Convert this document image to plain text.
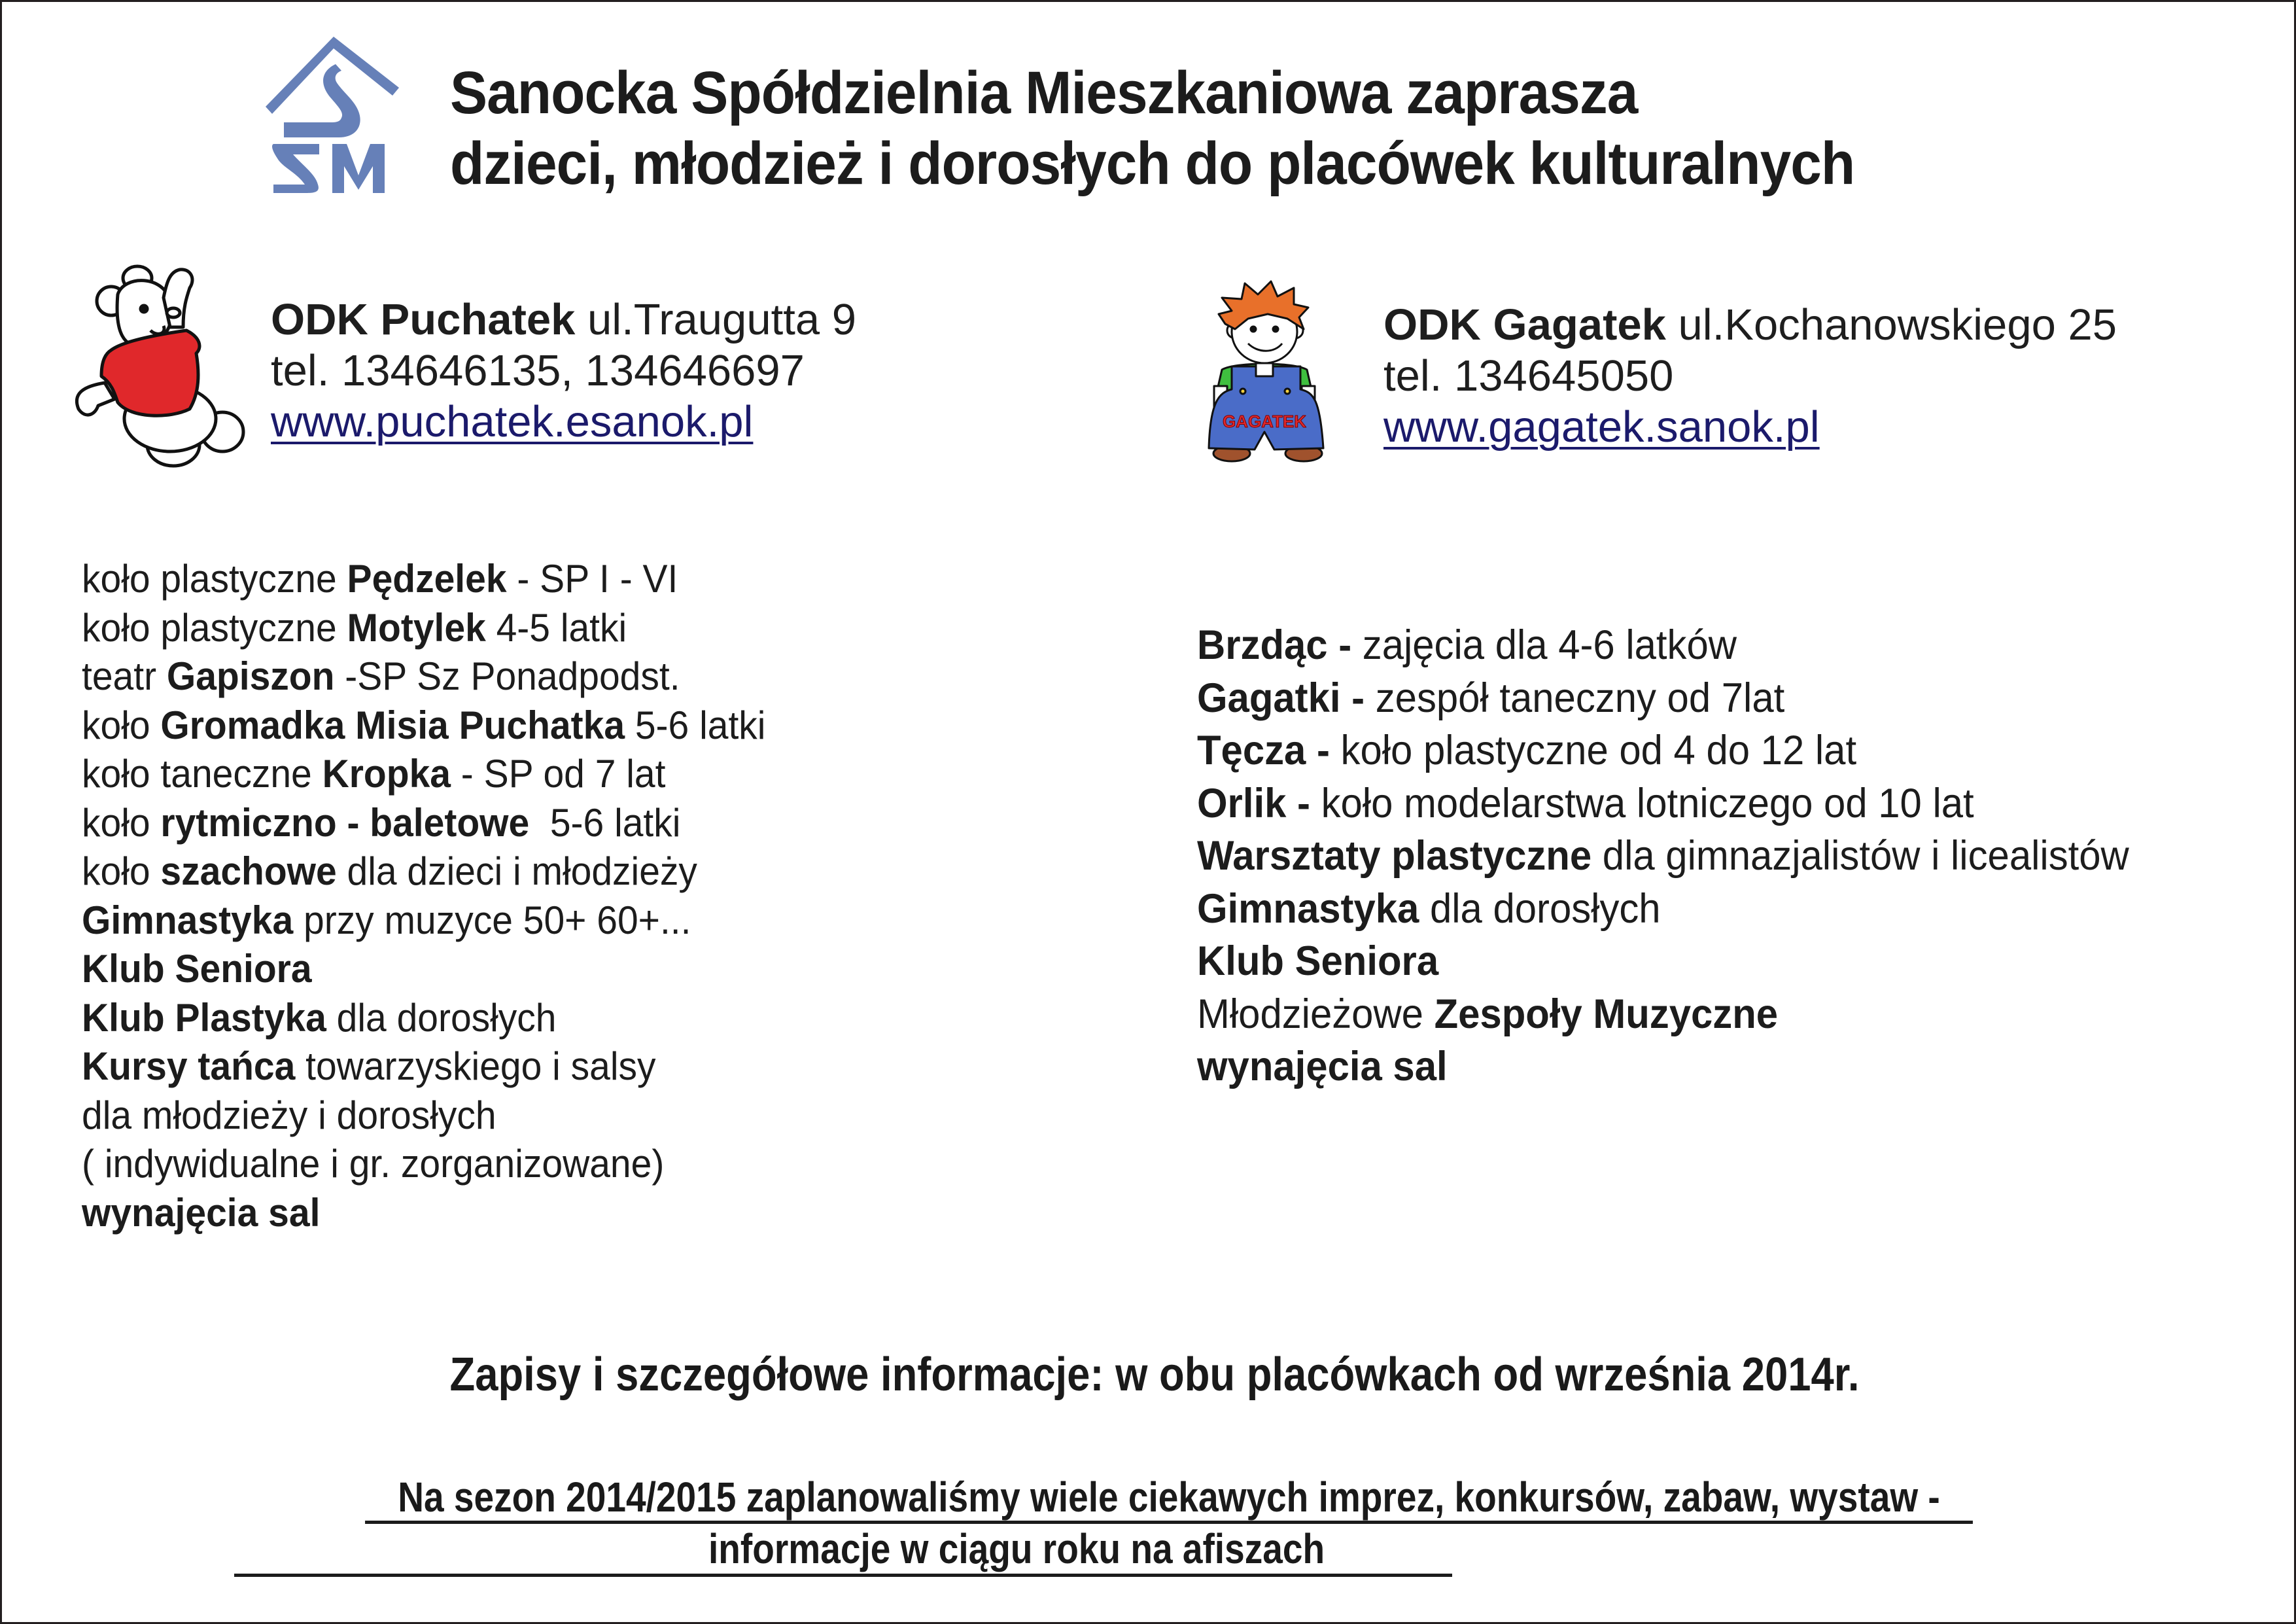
Sanocka Spółdzielnia Mieszkaniowa zaprasza
dzieci, młodzież i dorosłych do placówek kulturalnych
ODK Puchatek ul.Traugutta 9
tel. 134646135, 134646697
www.puchatek.esanok.pl	GAGATEK
ODK Gagatek ul.Kochanowskiego 25
tel. 134645050
www.gagatek.sanok.pl
koło plastyczne Pędzelek - SP I - VI
koło plastyczne Motylek 4-5 latki
teatr Gapiszon -SP Sz Ponadpodst.
koło Gromadka Misia Puchatka 5-6 latki
koło taneczne Kropka - SP od 7 lat
koło rytmiczno - baletowe  5-6 latki
koło szachowe dla dzieci i młodzieży
Gimnastyka przy muzyce 50+ 60+...
Klub Seniora
Klub Plastyka dla dorosłych
Kursy tańca towarzyskiego i salsy
dla młodzieży i dorosłych
( indywidualne i gr. zorganizowane)
wynajęcia sal
Brzdąc - zajęcia dla 4-6 latków
Gagatki - zespół taneczny od 7lat
Tęcza - koło plastyczne od 4 do 12 lat
Orlik - koło modelarstwa lotniczego od 10 lat
Warsztaty plastyczne dla gimnazjalistów i licealistów
Gimnastyka dla dorosłych
Klub Seniora
Młodzieżowe Zespoły Muzyczne
wynajęcia sal
Zapisy i szczegółowe informacje: w obu placówkach od września 2014r.
Na sezon 2014/2015 zaplanowaliśmy wiele ciekawych imprez, konkursów, zabaw, wystaw -
informacje w ciągu roku na afiszach
